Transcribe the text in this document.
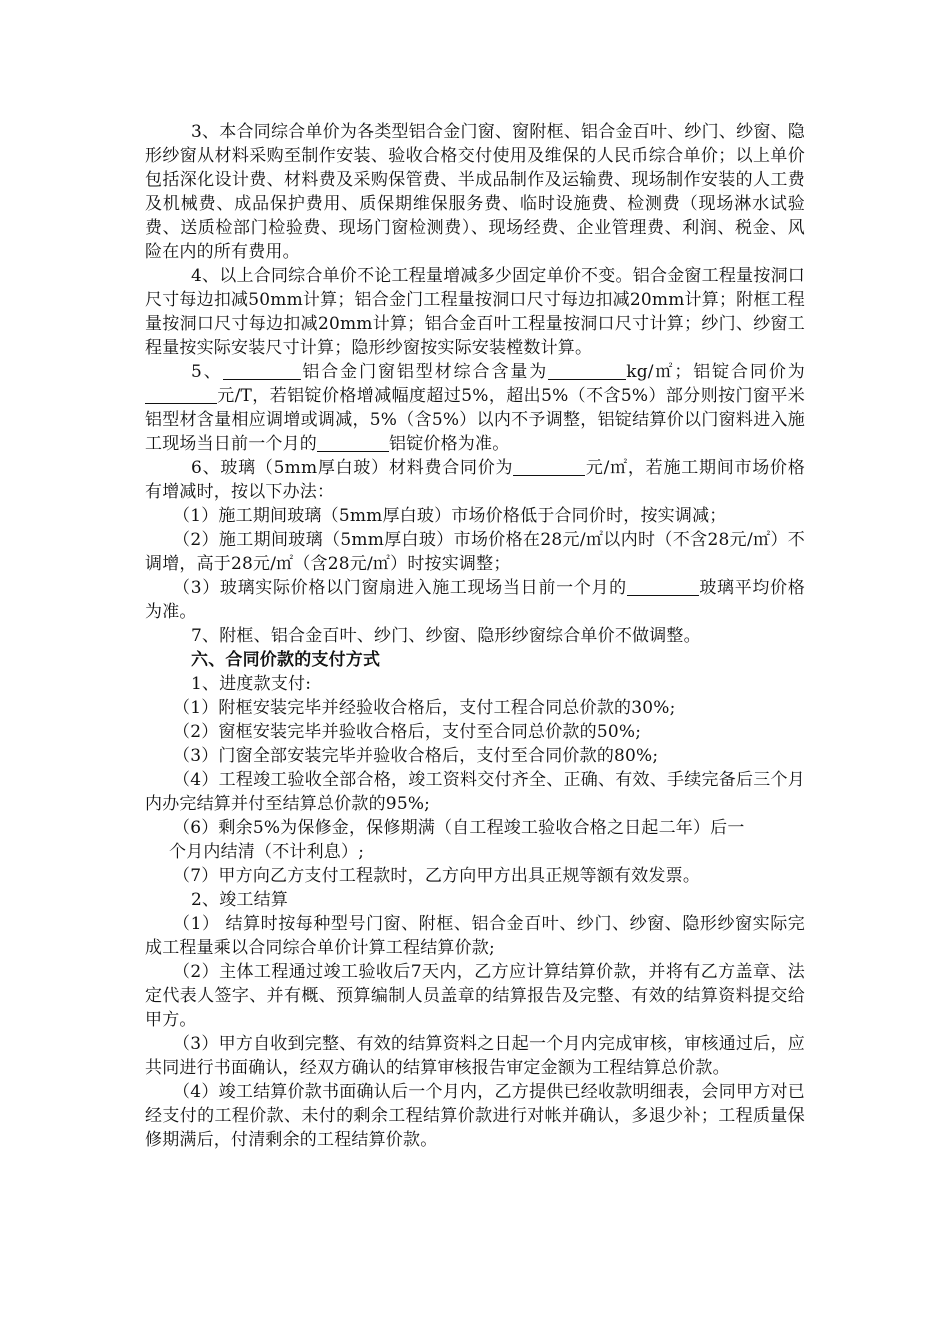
3、本合同综合单价为各类型铝合金门窗、窗附框、铝合金百叶、纱门、纱窗、隐形纱窗从材料采购至制作安装、验收合格交付使用及维保的人民币综合单价；以上单价包括深化设计费、材料费及采购保管费、半成品制作及运输费、现场制作安装的人工费及机械费、成品保护费用、质保期维保服务费、临时设施费、检测费（现场淋水试验费、送质检部门检验费、现场门窗检测费）、现场经费、企业管理费、利润、税金、风险在内的所有费用。

4、以上合同综合单价不论工程量增减多少固定单价不变。铝合金窗工程量按洞口尺寸每边扣减50mm计算；铝合金门工程量按洞口尺寸每边扣减20mm计算；附框工程量按洞口尺寸每边扣减20mm计算；铝合金百叶工程量按洞口尺寸计算；纱门、纱窗工程量按实际安装尺寸计算；隐形纱窗按实际安装樘数计算。

5、	铝合金门窗铝型材综合含量为	kg/㎡；铝锭合同价为元/T，若铝锭价格增减幅度超过5%，超出5%（不含5%）部分则按门窗平米铝型材含量相应调增或调减，5%（含5%）以内不予调整，铝锭结算价以门窗料进入施工现场当日前一个月的	铝锭价格为准。

6、玻璃（5mm厚白玻）材料费合同价为	元/㎡，若施工期间市场价格有增减时，按以下办法：

（1）施工期间玻璃（5mm厚白玻）市场价格低于合同价时，按实调减；

（2）施工期间玻璃（5mm厚白玻）市场价格在28元/㎡以内时（不含28元/㎡）不调增，高于28元/㎡（含28元/㎡）时按实调整；

（3）玻璃实际价格以门窗扇进入施工现场当日前一个月的	玻璃平均价格为准。

7、附框、铝合金百叶、纱门、纱窗、隐形纱窗综合单价不做调整。

六、合同价款的支付方式

1、进度款支付:

（1）附框安装完毕并经验收合格后，支付工程合同总价款的30%;

（2）窗框安装完毕并验收合格后，支付至合同总价款的50%;

（3）门窗全部安装完毕并验收合格后，支付至合同价款的80%;

（4）工程竣工验收全部合格，竣工资料交付齐全、正确、有效、手续完备后三个月内办完结算并付至结算总价款的95%;

（6）剩余5%为保修金，保修期满（自工程竣工验收合格之日起二年）后一

个月内结清（不计利息）;

（7）甲方向乙方支付工程款时，乙方向甲方出具正规等额有效发票。

2、竣工结算

（1） 结算时按每种型号门窗、附框、铝合金百叶、纱门、纱窗、隐形纱窗实际完成工程量乘以合同综合单价计算工程结算价款;

（2）主体工程通过竣工验收后7天内，乙方应计算结算价款，并将有乙方盖章、法定代表人签字、并有概、预算编制人员盖章的结算报告及完整、有效的结算资料提交给甲方。

（3）甲方自收到完整、有效的结算资料之日起一个月内完成审核，审核通过后，应共同进行书面确认，经双方确认的结算审核报告审定金额为工程结算总价款。

（4）竣工结算价款书面确认后一个月内，乙方提供已经收款明细表，会同甲方对已经支付的工程价款、未付的剩余工程结算价款进行对帐并确认，多退少补；工程质量保修期满后，付清剩余的工程结算价款。
